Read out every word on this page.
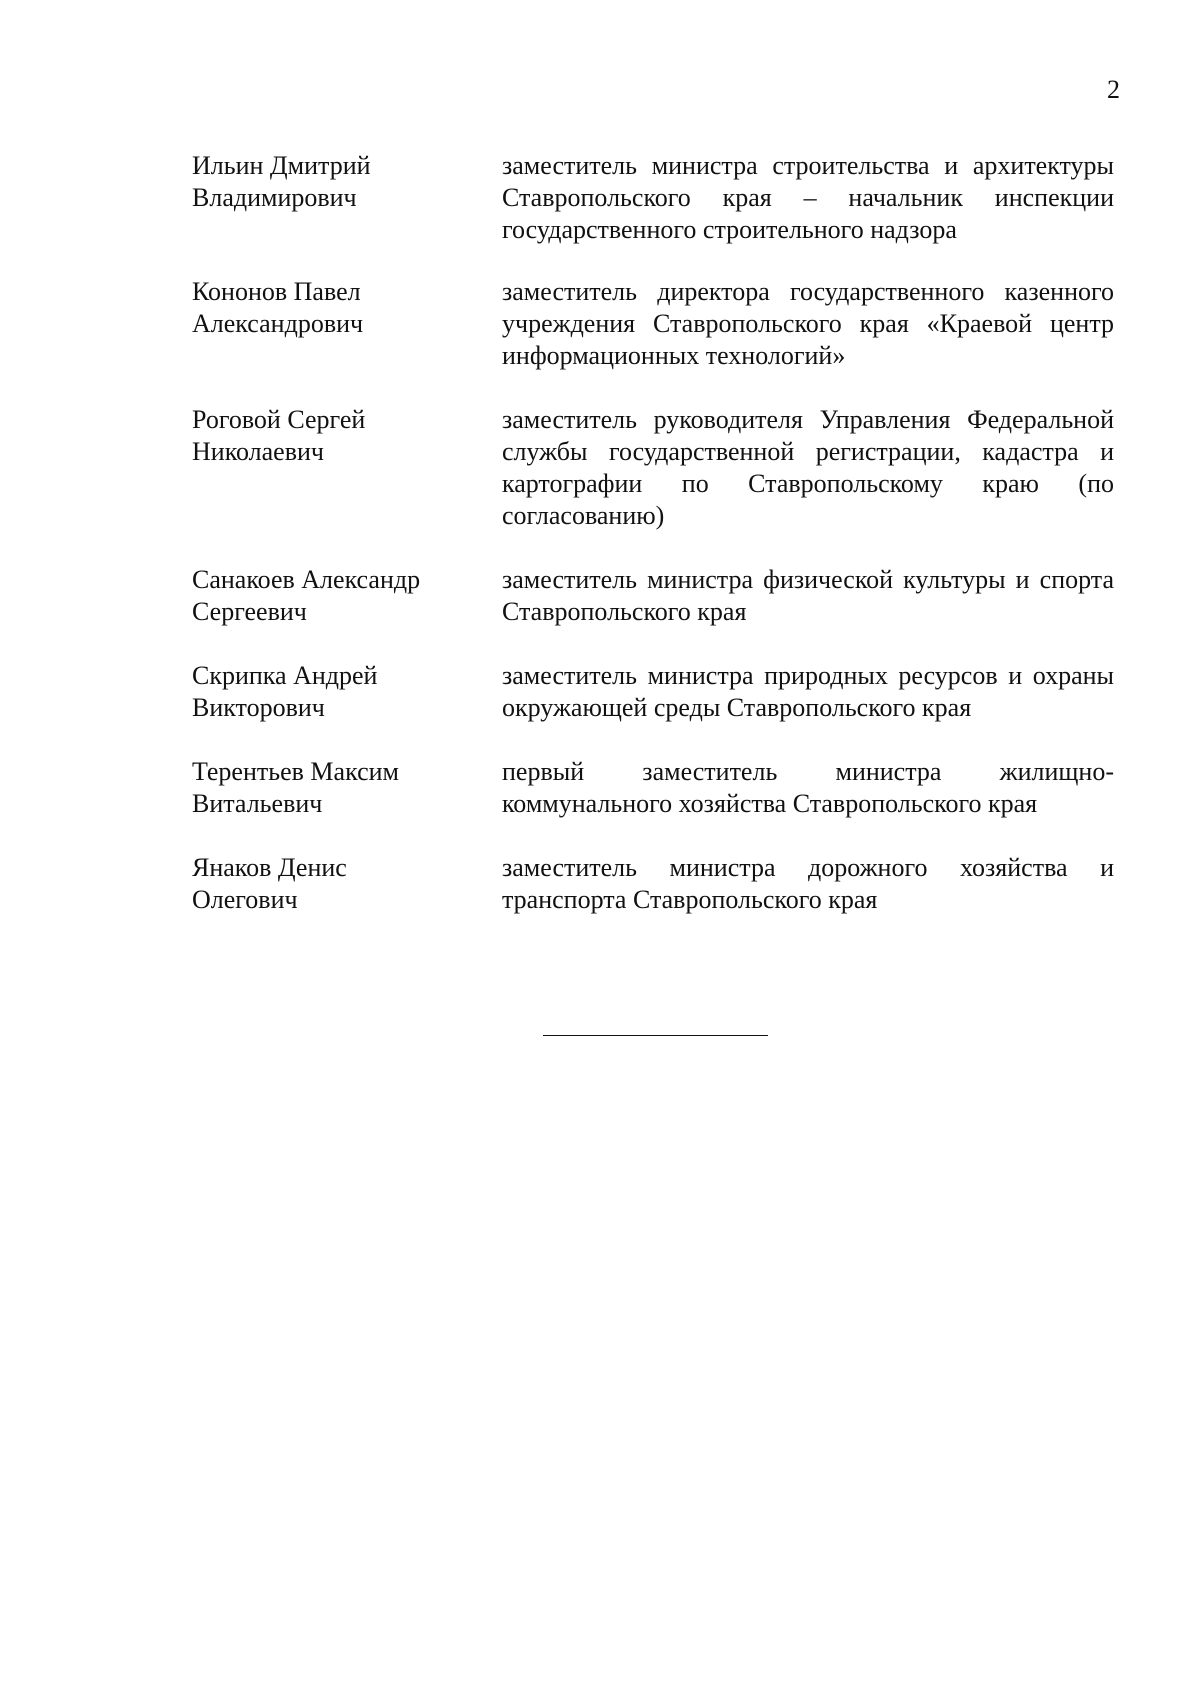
2
Ильин Дмитрий
Владимирович
заместитель министра строительства и архитектуры Ставропольского края – начальник инспекции государственного строительного надзора
Кононов Павел
Александрович
заместитель директора государственного казенного учреждения Ставропольского края «Краевой центр информационных технологий»
Роговой Сергей
Николаевич
заместитель руководителя Управления Федеральной службы государственной регистрации, кадастра и картографии по Ставропольскому краю (по согласованию)
Санакоев Александр
Сергеевич
заместитель министра физической культуры и спорта Ставропольского края
Скрипка Андрей
Викторович
заместитель министра природных ресурсов и охраны окружающей среды Ставропольского края
Терентьев Максим
Витальевич
первый заместитель министра жилищно-коммунального хозяйства Ставропольского края
Янаков Денис
Олегович
заместитель министра дорожного хозяйства и транспорта Ставропольского края
